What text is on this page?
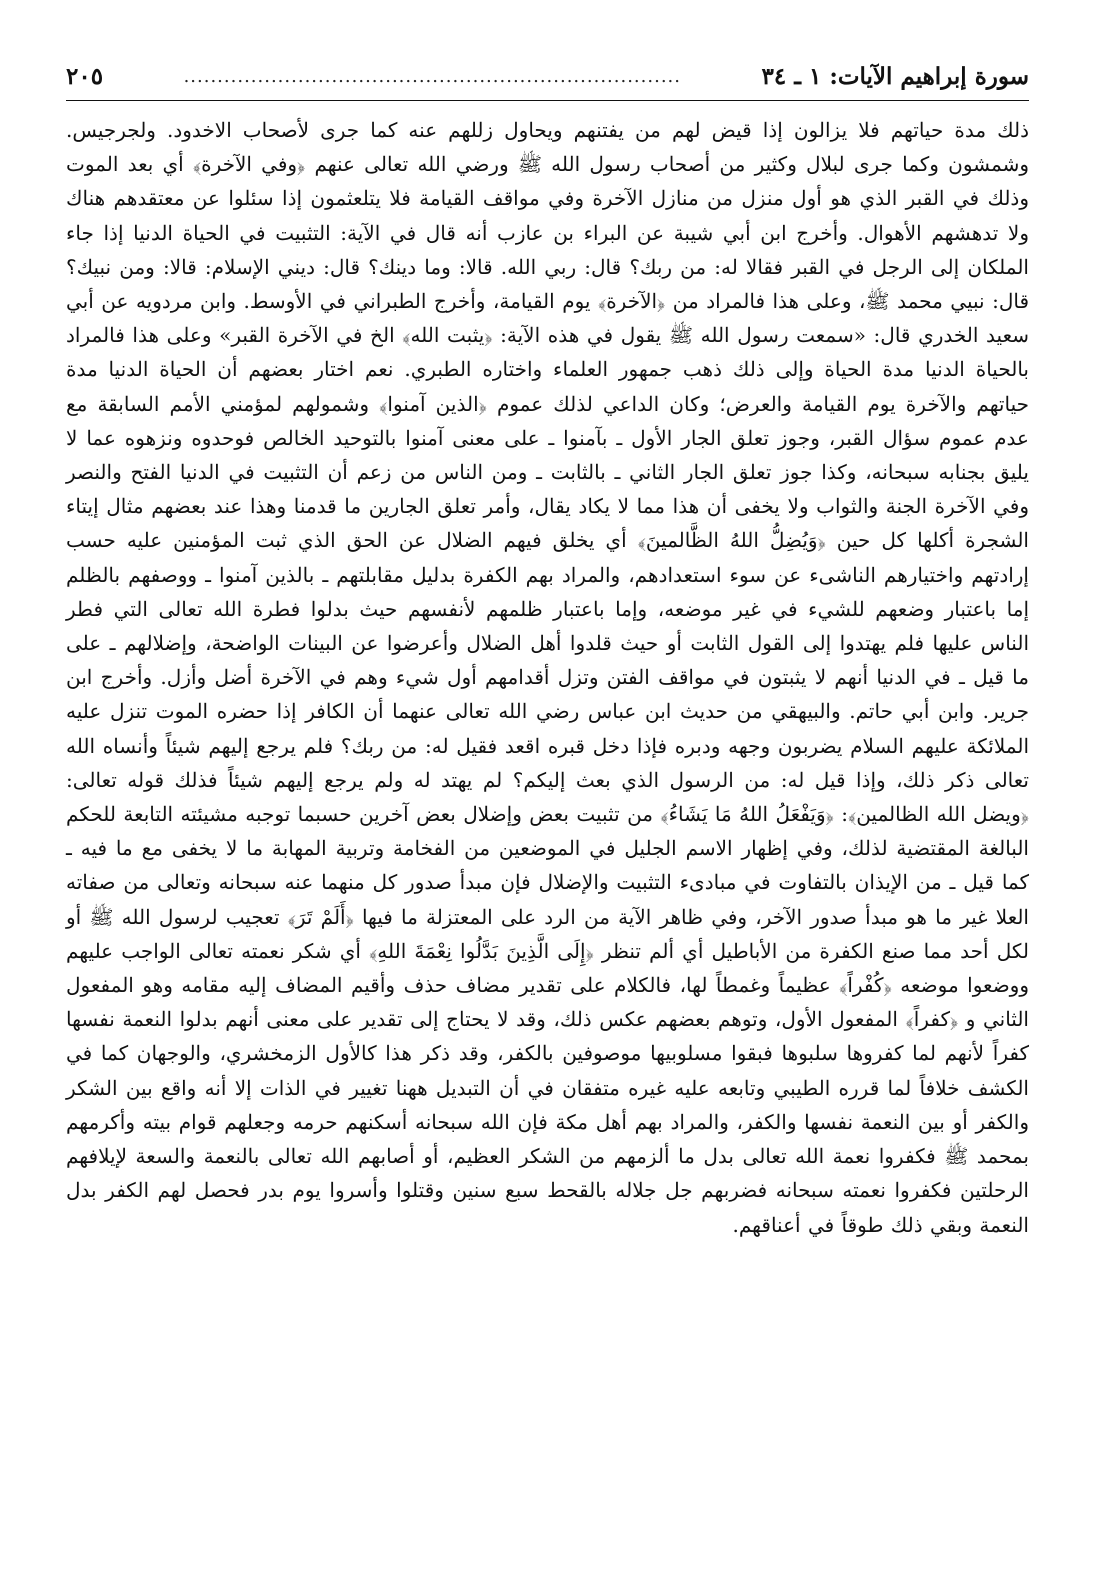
سورة إبراهيم الآيات: ١ ـ ٣٤
..........................................................................
٢٠٥

ذلك مدة حياتهم فلا يزالون إذا قيض لهم من يفتنهم ويحاول زللهم عنه كما جرى لأصحاب الاخدود. ولجرجيس. وشمشون وكما جرى لبلال وكثير من أصحاب رسول الله ﷺ ورضي الله تعالى عنهم ﴿وفي الآخرة﴾ أي بعد الموت وذلك في القبر الذي هو أول منزل من منازل الآخرة وفي مواقف القيامة فلا يتلعثمون إذا سئلوا عن معتقدهم هناك ولا تدهشهم الأهوال. وأخرج ابن أبي شيبة عن البراء بن عازب أنه قال في الآية: التثبيت في الحياة الدنيا إذا جاء الملكان إلى الرجل في القبر فقالا له: من ربك؟ قال: ربي الله. قالا: وما دينك؟ قال: ديني الإسلام: قالا: ومن نبيك؟ قال: نبيي محمد ﷺ، وعلى هذا فالمراد من ﴿الآخرة﴾ يوم القيامة، وأخرج الطبراني في الأوسط. وابن مردويه عن أبي سعيد الخدري قال: «سمعت رسول الله ﷺ يقول في هذه الآية: ﴿يثبت الله﴾ الخ في الآخرة القبر» وعلى هذا فالمراد بالحياة الدنيا مدة الحياة وإلى ذلك ذهب جمهور العلماء واختاره الطبري. نعم اختار بعضهم أن الحياة الدنيا مدة حياتهم والآخرة يوم القيامة والعرض؛ وكان الداعي لذلك عموم ﴿الذين آمنوا﴾ وشمولهم لمؤمني الأمم السابقة مع عدم عموم سؤال القبر، وجوز تعلق الجار الأول ـ بآمنوا ـ على معنى آمنوا بالتوحيد الخالص فوحدوه ونزهوه عما لا يليق بجنابه سبحانه، وكذا جوز تعلق الجار الثاني ـ بالثابت ـ ومن الناس من زعم أن التثبيت في الدنيا الفتح والنصر وفي الآخرة الجنة والثواب ولا يخفى أن هذا مما لا يكاد يقال، وأمر تعلق الجارين ما قدمنا وهذا عند بعضهم مثال إيتاء الشجرة أكلها كل حين ﴿وَيُضِلُّ اللهُ الظَّالمينَ﴾ أي يخلق فيهم الضلال عن الحق الذي ثبت المؤمنين عليه حسب إرادتهم واختيارهم الناشىء عن سوء استعدادهم، والمراد بهم الكفرة بدليل مقابلتهم ـ بالذين آمنوا ـ ووصفهم بالظلم إما باعتبار وضعهم للشيء في غير موضعه، وإما باعتبار ظلمهم لأنفسهم حيث بدلوا فطرة الله تعالى التي فطر الناس عليها فلم يهتدوا إلى القول الثابت أو حيث قلدوا أهل الضلال وأعرضوا عن البينات الواضحة، وإضلالهم ـ على ما قيل ـ في الدنيا أنهم لا يثبتون في مواقف الفتن وتزل أقدامهم أول شيء وهم في الآخرة أضل وأزل. وأخرج ابن جرير. وابن أبي حاتم. والبيهقي من حديث ابن عباس رضي الله تعالى عنهما أن الكافر إذا حضره الموت تنزل عليه الملائكة عليهم السلام يضربون وجهه ودبره فإذا دخل قبره اقعد فقيل له: من ربك؟ فلم يرجع إليهم شيئاً وأنساه الله تعالى ذكر ذلك، وإذا قيل له: من الرسول الذي بعث إليكم؟ لم يهتد له ولم يرجع إليهم شيئاً فذلك قوله تعالى: ﴿ويضل الله الظالمين﴾: ﴿وَيَفْعَلُ اللهُ مَا يَشَاءُ﴾ من تثبيت بعض وإضلال بعض آخرين حسبما توجبه مشيئته التابعة للحكم البالغة المقتضية لذلك، وفي إظهار الاسم الجليل في الموضعين من الفخامة وتربية المهابة ما لا يخفى مع ما فيه ـ كما قيل ـ من الإيذان بالتفاوت في مبادىء التثبيت والإضلال فإن مبدأ صدور كل منهما عنه سبحانه وتعالى من صفاته العلا غير ما هو مبدأ صدور الآخر، وفي ظاهر الآية من الرد على المعتزلة ما فيها ﴿أَلَمْ تَرَ﴾ تعجيب لرسول الله ﷺ أو لكل أحد مما صنع الكفرة من الأباطيل أي ألم تنظر ﴿إِلَى الَّذِينَ بَدَّلُوا نِعْمَةَ اللهِ﴾ أي شكر نعمته تعالى الواجب عليهم ووضعوا موضعه ﴿كُفْراً﴾ عظيماً وغمطاً لها، فالكلام على تقدير مضاف حذف وأقيم المضاف إليه مقامه وهو المفعول الثاني و ﴿كفراً﴾ المفعول الأول، وتوهم بعضهم عكس ذلك، وقد لا يحتاج إلى تقدير على معنى أنهم بدلوا النعمة نفسها كفراً لأنهم لما كفروها سلبوها فبقوا مسلوبيها موصوفين بالكفر، وقد ذكر هذا كالأول الزمخشري، والوجهان كما في الكشف خلافاً لما قرره الطيبي وتابعه عليه غيره متفقان في أن التبديل ههنا تغيير في الذات إلا أنه واقع بين الشكر والكفر أو بين النعمة نفسها والكفر، والمراد بهم أهل مكة فإن الله سبحانه أسكنهم حرمه وجعلهم قوام بيته وأكرمهم بمحمد ﷺ فكفروا نعمة الله تعالى بدل ما ألزمهم من الشكر العظيم، أو أصابهم الله تعالى بالنعمة والسعة لإيلافهم الرحلتين فكفروا نعمته سبحانه فضربهم جل جلاله بالقحط سبع سنين وقتلوا وأسروا يوم بدر فحصل لهم الكفر بدل النعمة وبقي ذلك طوقاً في أعناقهم.
